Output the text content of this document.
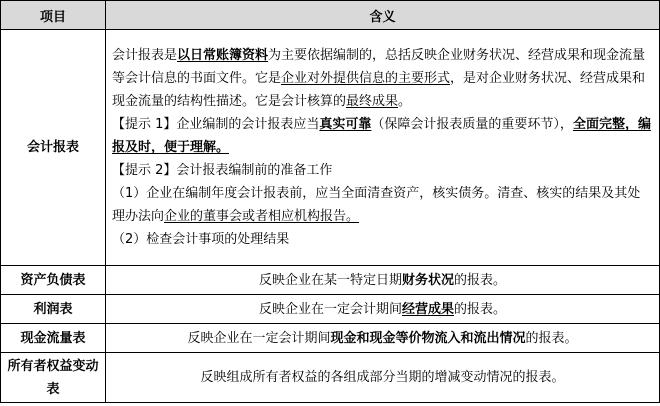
项目	含义
会计报表	会计报表是以日常账簿资料为主要依据编制的，总括反映企业财务状况、经营成果和现金流量等会计信息的书面文件。它是企业对外提供信息的主要形式，是对企业财务状况、经营成果和现金流量的结构性描述。它是会计核算的最终成果。

【提示 1】企业编制的会计报表应当真实可靠（保障会计报表质量的重要环节），全面完整，编报及时，便于理解。

【提示 2】会计报表编制前的准备工作

（1）企业在编制年度会计报表前，应当全面清查资产，核实债务。清查、核实的结果及其处理办法向企业的董事会或者相应机构报告。

（2）检查会计事项的处理结果

资产负债表	反映企业在某一特定日期财务状况的报表。
利润表	反映企业在一定会计期间经营成果的报表。
现金流量表	反映企业在一定会计期间现金和现金等价物流入和流出情况的报表。
所有者权益变动表	反映组成所有者权益的各组成部分当期的增减变动情况的报表。
